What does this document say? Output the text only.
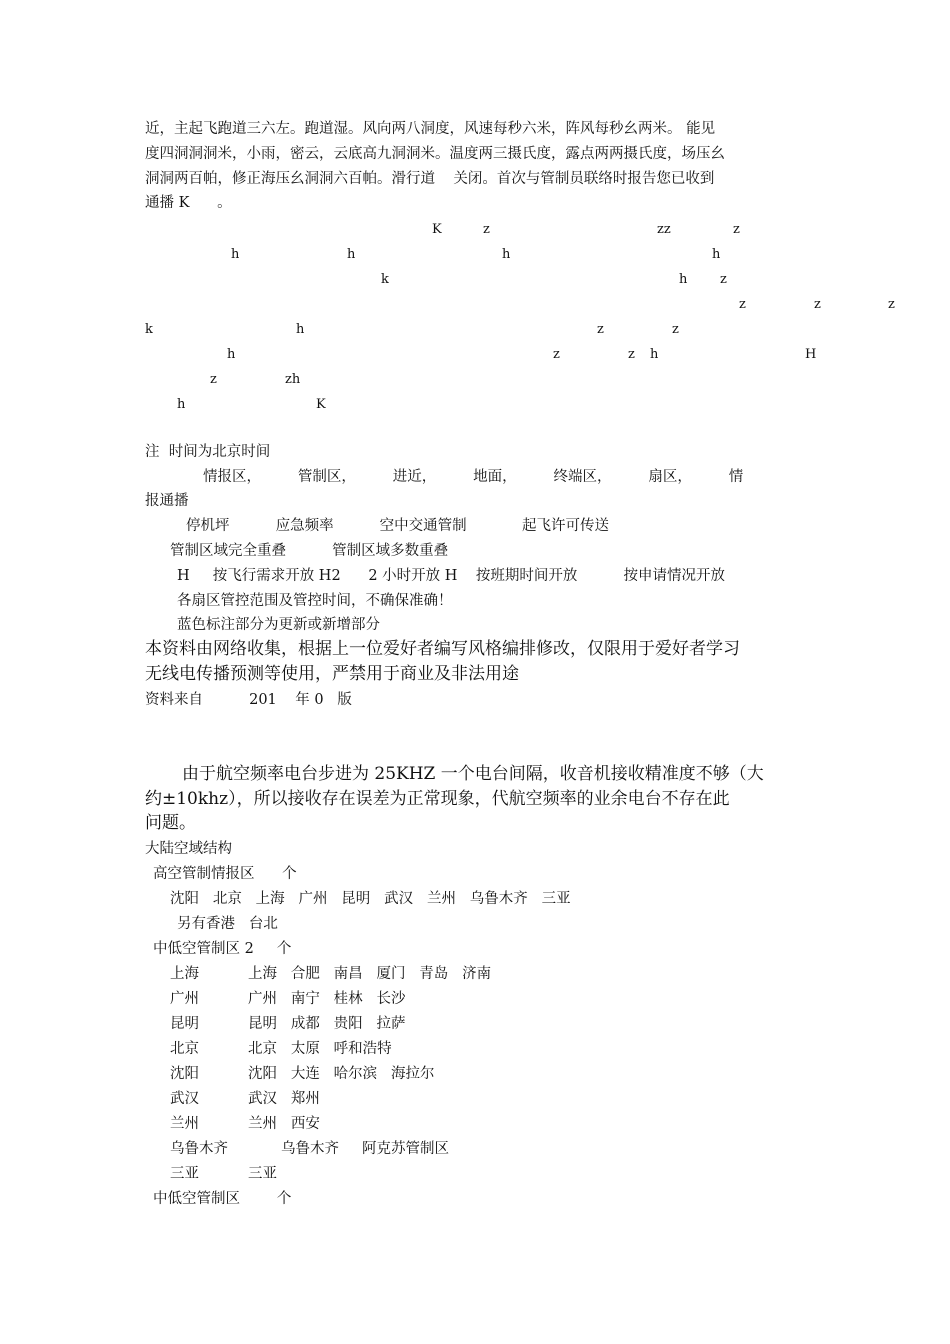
近，主起飞跑道三六左。跑道湿。风向两八洞度，风速每秒六米，阵风每秒幺两米。 能见
度四洞洞洞米，小雨，密云，云底高九洞洞米。温度两三摄氏度，露点两两摄氏度，场压幺
洞洞两百帕，修正海压幺洞洞六百帕。滑行道    关闭。首次与管制员联络时报告您已收到
通播 K      。
K	z	zz	z
h	h	h	h
k	h	z
z	z	z
k	h	z	z
h	z	z h	H
z	zh
h	K
注  时间为北京时间
情报区，        管制区，        进近，        地面，        终端区，        扇区，        情
报通播
停机坪          应急频率          空中交通管制            起飞许可传送
管制区域完全重叠          管制区域多数重叠
H     按飞行需求开放 H2      2 小时开放 H    按班期时间开放          按申请情况开放
各扇区管控范围及管控时间，不确保准确！
蓝色标注部分为更新或新增部分
本资料由网络收集，根据上一位爱好者编写风格编排修改，仅限用于爱好者学习
无线电传播预测等使用，严禁用于商业及非法用途
资料来自          201    年 0   版
由于航空频率电台步进为 25KHZ 一个电台间隔，收音机接收精准度不够（大
约±10khz），所以接收存在误差为正常现象，代航空频率的业余电台不存在此
问题。
大陆空域结构
高空管制情报区      个
沈阳   北京   上海   广州   昆明   武汉   兰州   乌鲁木齐   三亚
另有香港   台北
中低空管制区 2     个
上海	上海   合肥   南昌   厦门   青岛   济南
广州	广州   南宁   桂林   长沙
昆明	昆明   成都   贵阳   拉萨
北京	北京   太原   呼和浩特
沈阳	沈阳   大连   哈尔滨   海拉尔
武汉	武汉   郑州
兰州	兰州   西安
乌鲁木齐	乌鲁木齐     阿克苏管制区
三亚	三亚
中低空管制区        个
